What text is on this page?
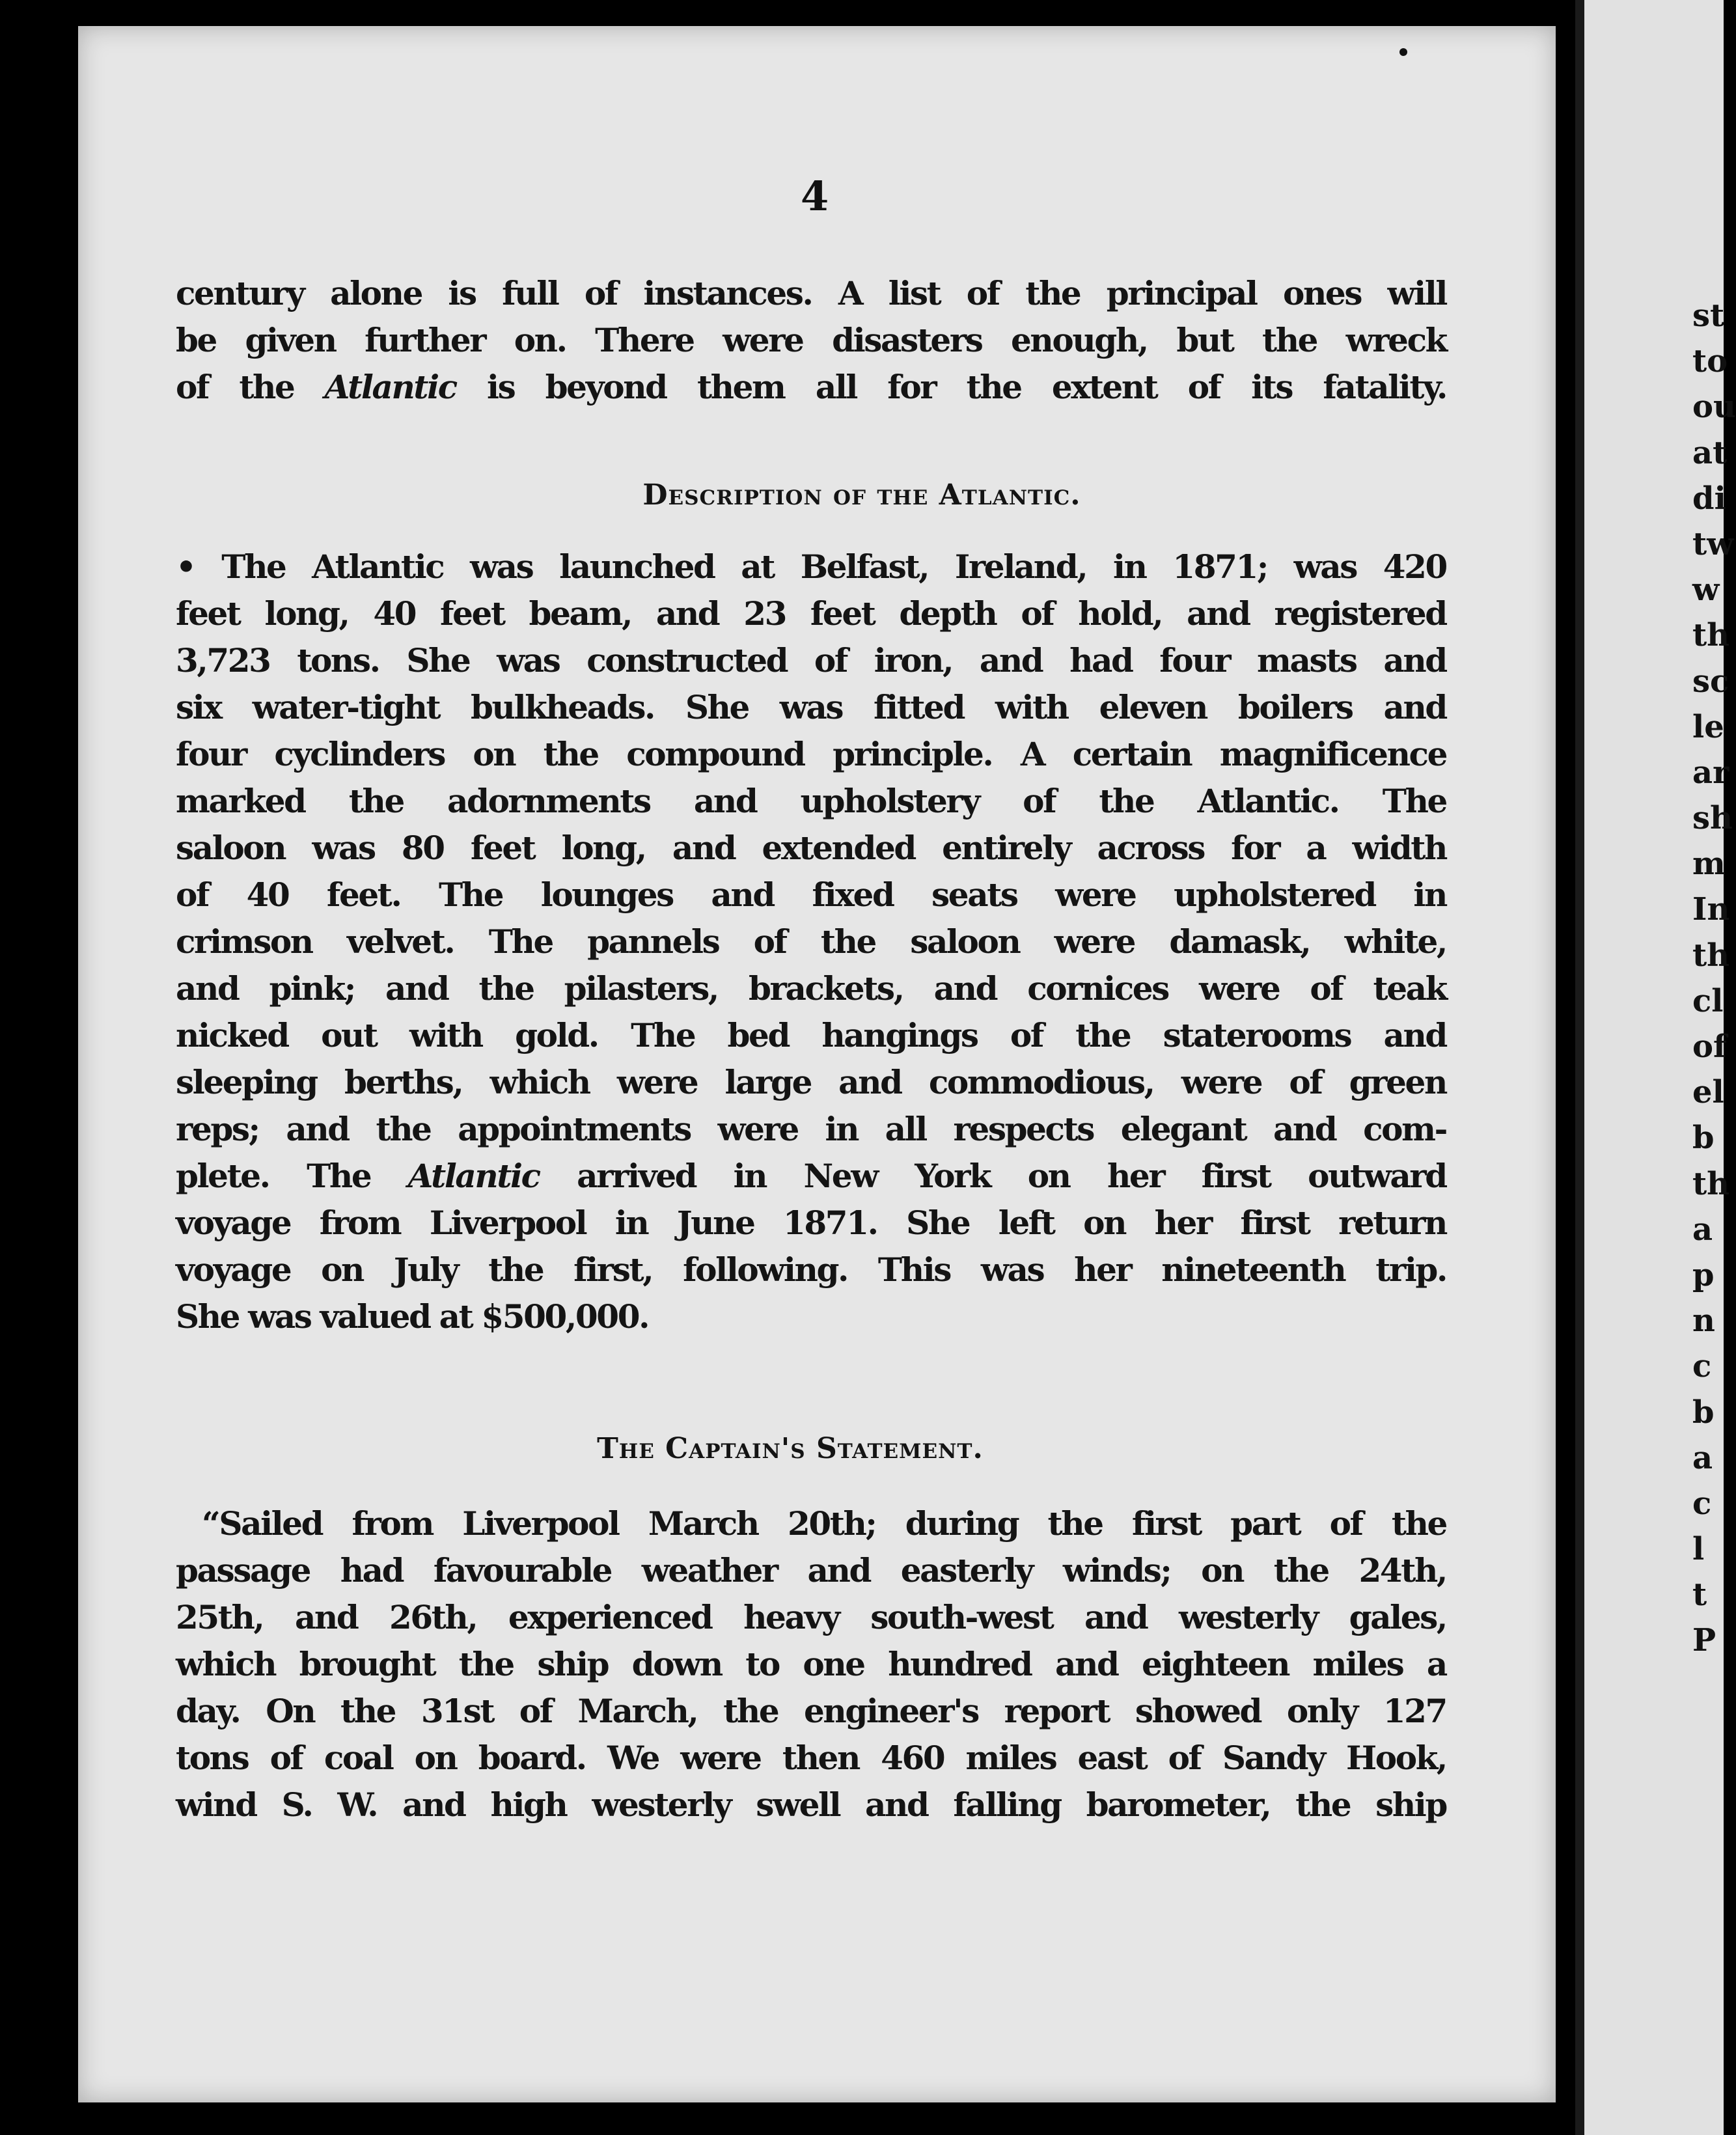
st
to
ou
at
di
tw
w
th
sc
le
ar
sh
m
In
th
cl
of
el
b
th
a
p
n
c
b
a
c
l
t
P
4
century alone is full of instances. A list of the principal ones will
be given further on. There were disasters enough, but the wreck
of the Atlantic is beyond them all for the extent of its fatality.
Description of the Atlantic.
• The Atlantic was launched at Belfast, Ireland, in 1871; was 420
feet long, 40 feet beam, and 23 feet depth of hold, and registered
3,723 tons. She was constructed of iron, and had four masts and
six water-tight bulkheads. She was fitted with eleven boilers and
four cyclinders on the compound principle. A certain magnificence
marked the adornments and upholstery of the Atlantic. The
saloon was 80 feet long, and extended entirely across for a width
of 40 feet. The lounges and fixed seats were upholstered in
crimson velvet. The pannels of the saloon were damask, white,
and pink; and the pilasters, brackets, and cornices were of teak
nicked out with gold. The bed hangings of the staterooms and
sleeping berths, which were large and commodious, were of green
reps; and the appointments were in all respects elegant and com-
plete. The Atlantic arrived in New York on her first outward
voyage from Liverpool in June 1871. She left on her first return
voyage on July the first, following. This was her nineteenth trip.
She was valued at $500,000.
The Captain's Statement.
“Sailed from Liverpool March 20th; during the first part of the
passage had favourable weather and easterly winds; on the 24th,
25th, and 26th, experienced heavy south-west and westerly gales,
which brought the ship down to one hundred and eighteen miles a
day. On the 31st of March, the engineer's report showed only 127
tons of coal on board. We were then 460 miles east of Sandy Hook,
wind S. W. and high westerly swell and falling barometer, the ship
